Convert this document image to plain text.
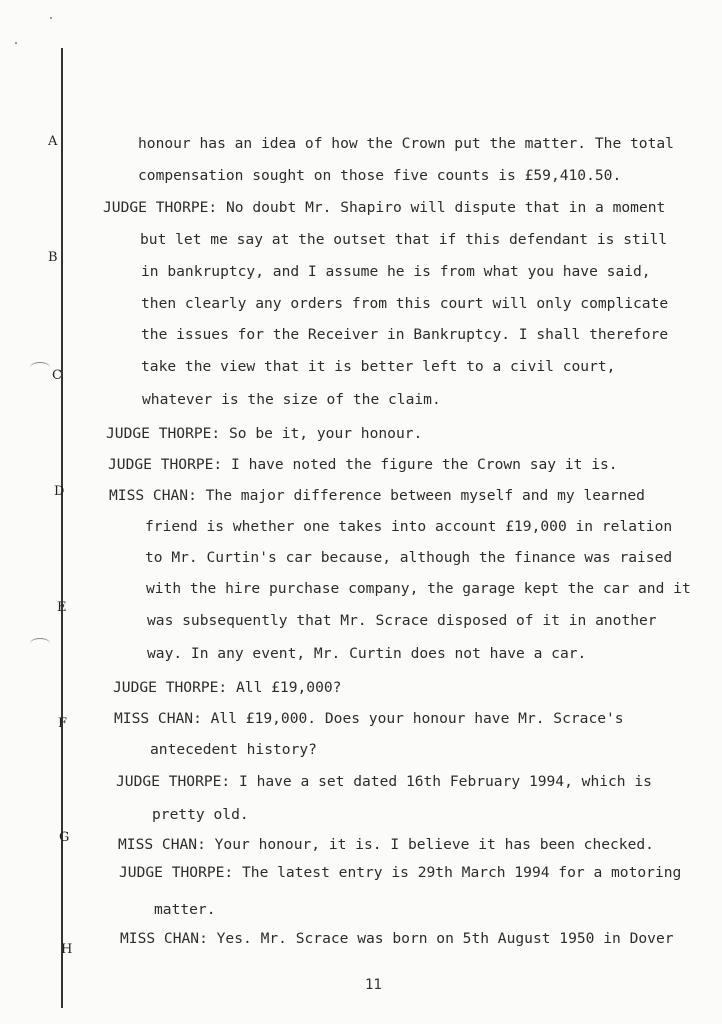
A
B
C
D
E
F
G
H
honour has an idea of how the Crown put the matter. The total
compensation sought on those five counts is £59,410.50.
JUDGE THORPE: No doubt Mr. Shapiro will dispute that in a moment
but let me say at the outset that if this defendant is still
in bankruptcy, and I assume he is from what you have said,
then clearly any orders from this court will only complicate
the issues for the Receiver in Bankruptcy. I shall therefore
take the view that it is better left to a civil court,
whatever is the size of the claim.
JUDGE THORPE: So be it, your honour.
JUDGE THORPE: I have noted the figure the Crown say it is.
MISS CHAN: The major difference between myself and my learned
friend is whether one takes into account £19,000 in relation
to Mr. Curtin's car because, although the finance was raised
with the hire purchase company, the garage kept the car and it
was subsequently that Mr. Scrace disposed of it in another
way. In any event, Mr. Curtin does not have a car.
JUDGE THORPE: All £19,000?
MISS CHAN: All £19,000. Does your honour have Mr. Scrace's
antecedent history?
JUDGE THORPE: I have a set dated 16th February 1994, which is
pretty old.
MISS CHAN: Your honour, it is. I believe it has been checked.
JUDGE THORPE: The latest entry is 29th March 1994 for a motoring
matter.
MISS CHAN: Yes. Mr. Scrace was born on 5th August 1950 in Dover
11
